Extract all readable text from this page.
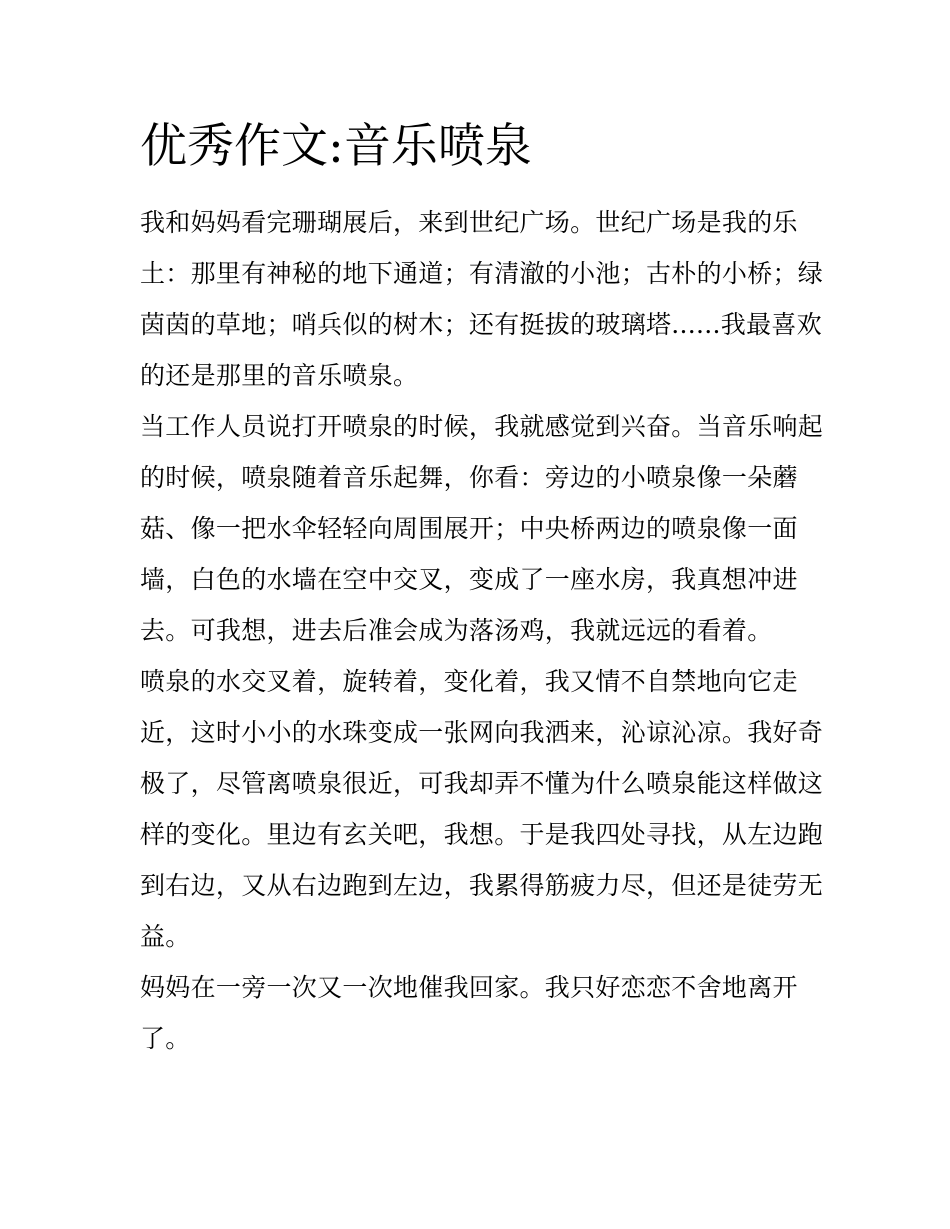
优秀作文:音乐喷泉
我和妈妈看完珊瑚展后，来到世纪广场。世纪广场是我的乐
土：那里有神秘的地下通道；有清澈的小池；古朴的小桥；绿
茵茵的草地；哨兵似的树木；还有挺拔的玻璃塔......我最喜欢
的还是那里的音乐喷泉。
当工作人员说打开喷泉的时候，我就感觉到兴奋。当音乐响起
的时候，喷泉随着音乐起舞，你看：旁边的小喷泉像一朵蘑
菇、像一把水伞轻轻向周围展开；中央桥两边的喷泉像一面
墙，白色的水墙在空中交叉，变成了一座水房，我真想冲进
去。可我想，进去后准会成为落汤鸡，我就远远的看着。
喷泉的水交叉着，旋转着，变化着，我又情不自禁地向它走
近，这时小小的水珠变成一张网向我洒来，沁谅沁凉。我好奇
极了，尽管离喷泉很近，可我却弄不懂为什么喷泉能这样做这
样的变化。里边有玄关吧，我想。于是我四处寻找，从左边跑
到右边，又从右边跑到左边，我累得筋疲力尽，但还是徒劳无
益。
妈妈在一旁一次又一次地催我回家。我只好恋恋不舍地离开
了。
